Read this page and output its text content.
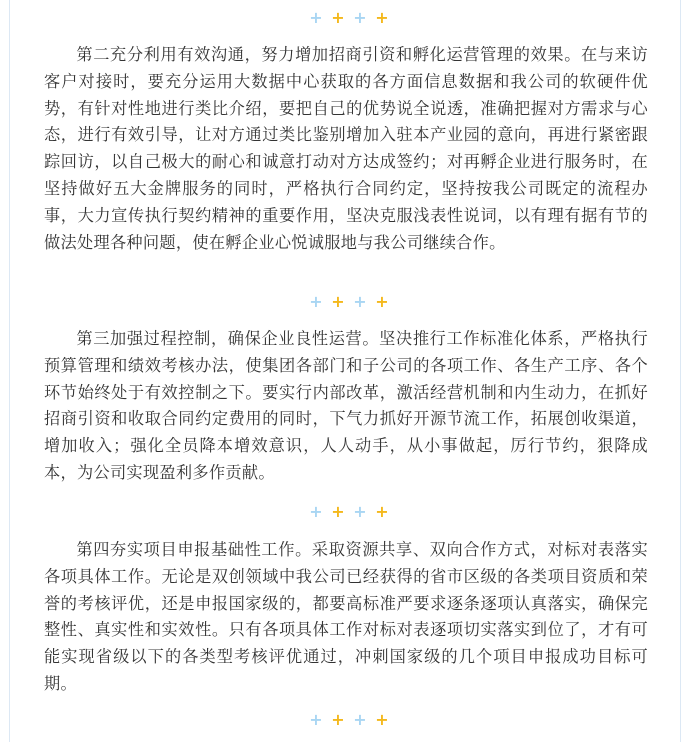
+ + + +

第二充分利用有效沟通，努力增加招商引资和孵化运营管理的效果。在与来访客户对接时，要充分运用大数据中心获取的各方面信息数据和我公司的软硬件优势，有针对性地进行类比介绍，要把自己的优势说全说透，准确把握对方需求与心态，进行有效引导，让对方通过类比鉴别增加入驻本产业园的意向，再进行紧密跟踪回访，以自己极大的耐心和诚意打动对方达成签约；对再孵企业进行服务时，在坚持做好五大金牌服务的同时，严格执行合同约定，坚持按我公司既定的流程办事，大力宣传执行契约精神的重要作用，坚决克服浅表性说词，以有理有据有节的做法处理各种问题，使在孵企业心悦诚服地与我公司继续合作。

+ + + +

第三加强过程控制，确保企业良性运营。坚决推行工作标准化体系，严格执行预算管理和绩效考核办法，使集团各部门和子公司的各项工作、各生产工序、各个环节始终处于有效控制之下。要实行内部改革，激活经营机制和内生动力，在抓好招商引资和收取合同约定费用的同时，下气力抓好开源节流工作，拓展创收渠道，增加收入；强化全员降本增效意识，人人动手，从小事做起，厉行节约，狠降成本，为公司实现盈利多作贡献。

+ + + +

第四夯实项目申报基础性工作。采取资源共享、双向合作方式，对标对表落实各项具体工作。无论是双创领域中我公司已经获得的省市区级的各类项目资质和荣誉的考核评优，还是申报国家级的，都要高标准严要求逐条逐项认真落实，确保完整性、真实性和实效性。只有各项具体工作对标对表逐项切实落实到位了，才有可能实现省级以下的各类型考核评优通过，冲刺国家级的几个项目申报成功目标可期。

+ + + +
